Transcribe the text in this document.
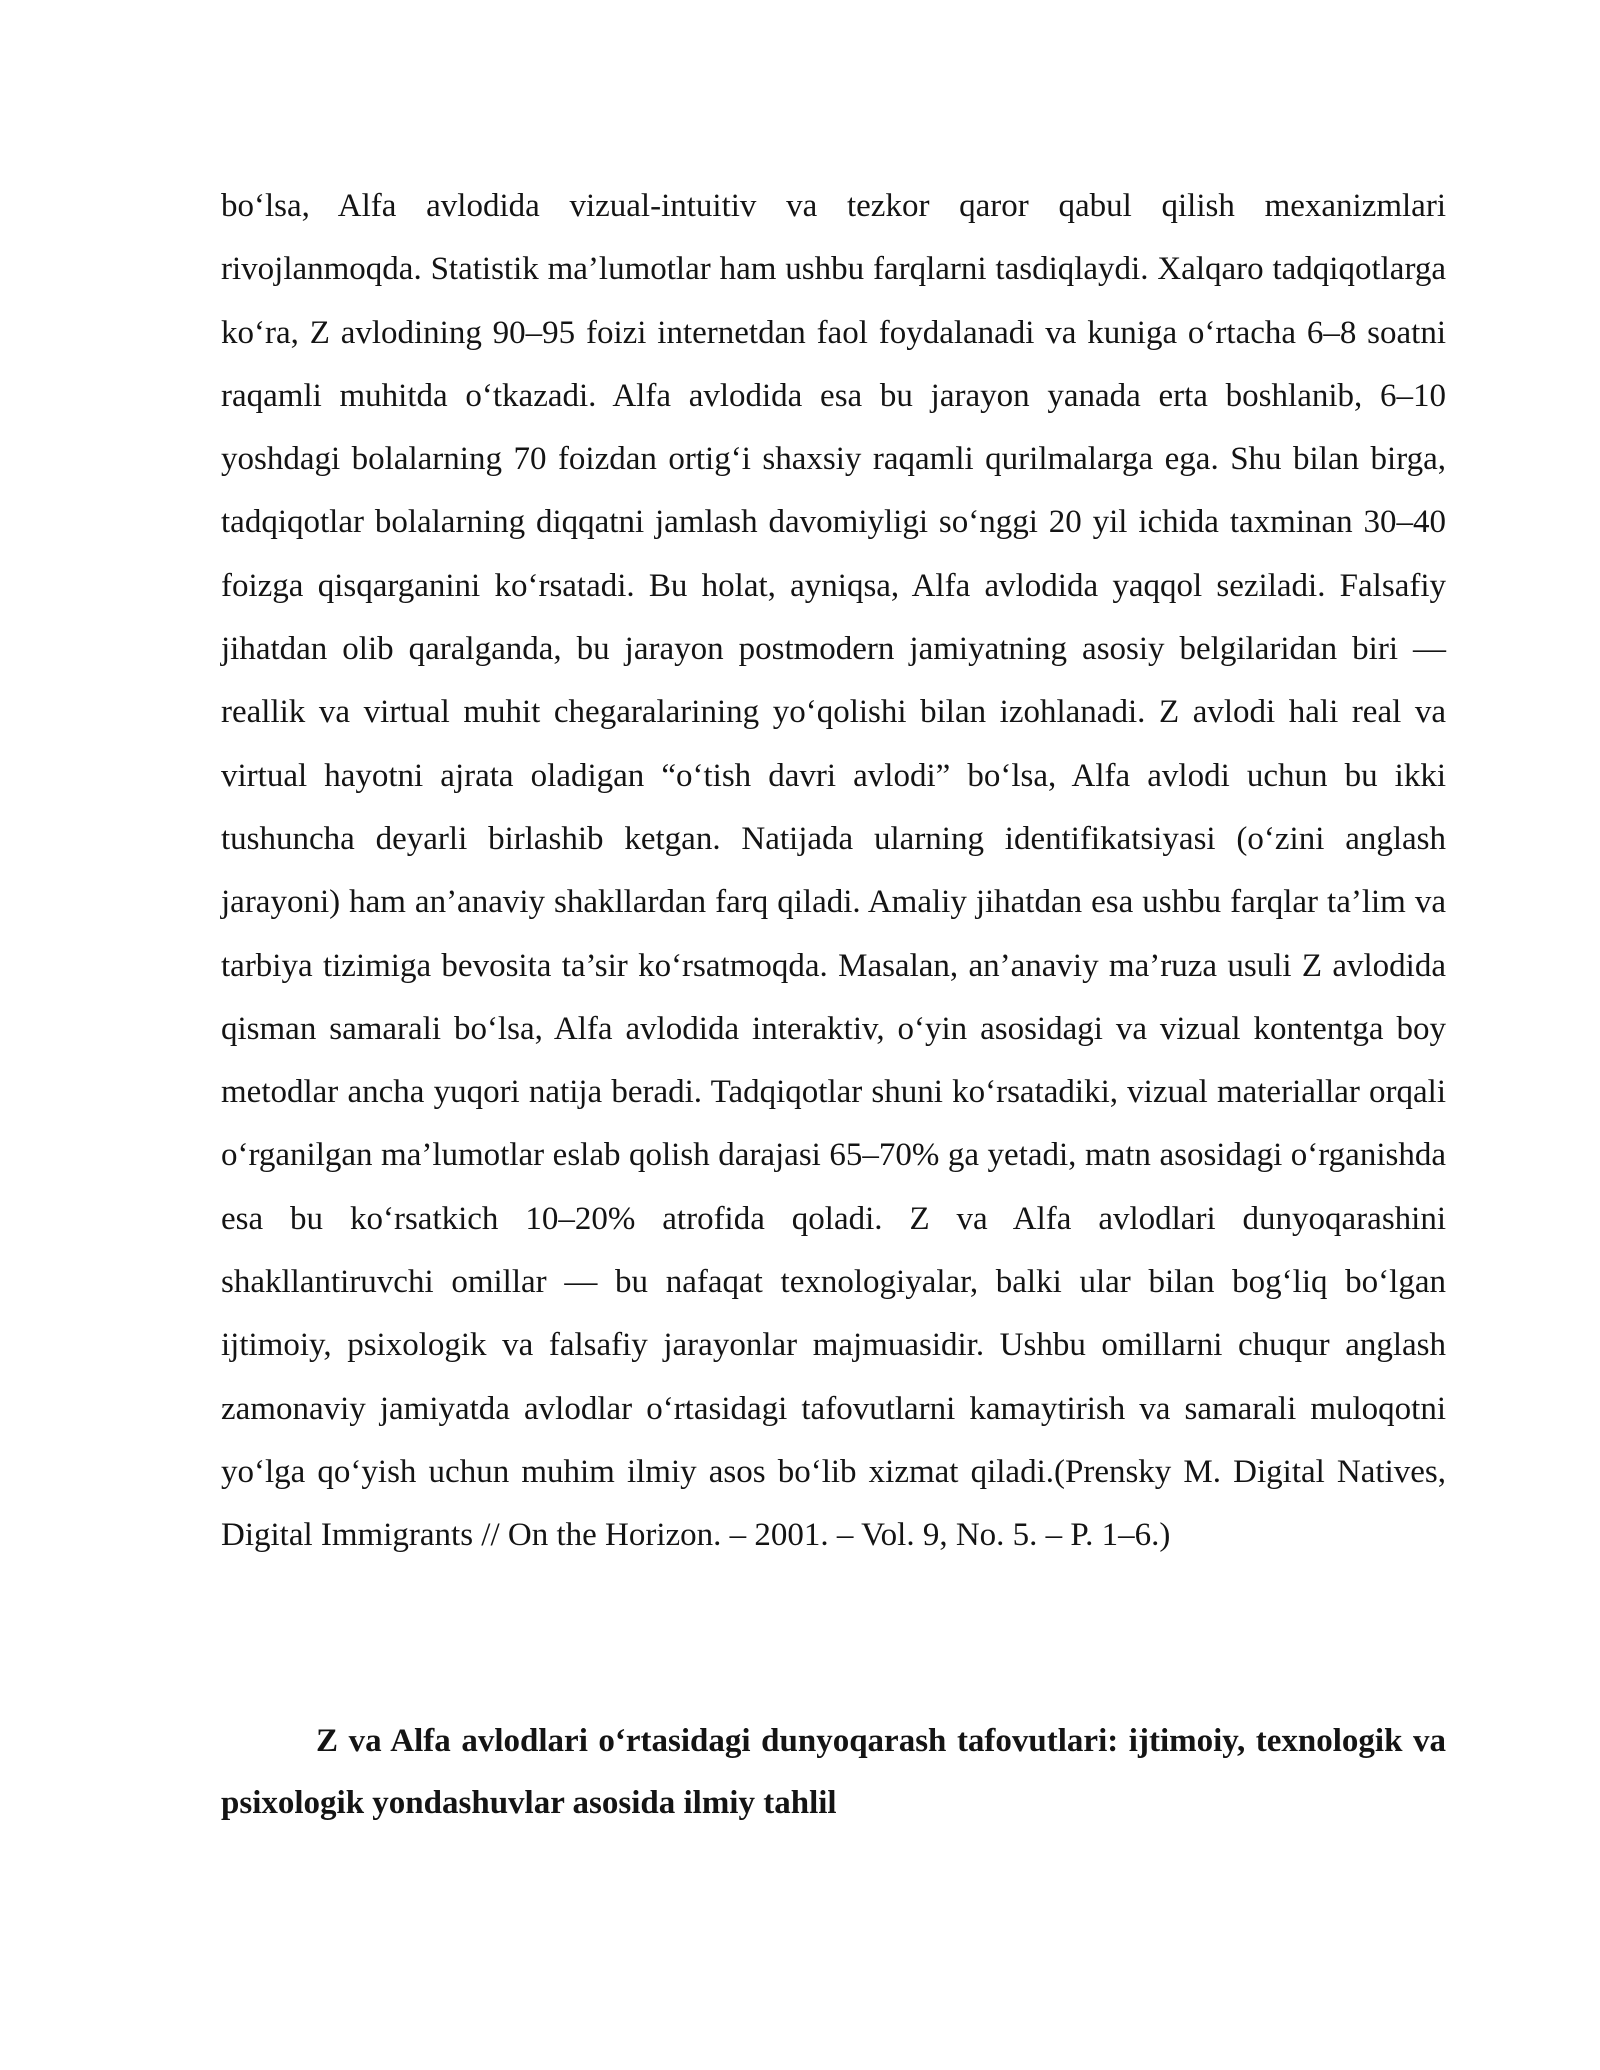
bo‘lsa, Alfa avlodida vizual-intuitiv va tezkor qaror qabul qilish mexanizmlari rivojlanmoqda. Statistik ma’lumotlar ham ushbu farqlarni tasdiqlaydi. Xalqaro tadqiqotlarga ko‘ra, Z avlodining 90–95 foizi internetdan faol foydalanadi va kuniga o‘rtacha 6–8 soatni raqamli muhitda o‘tkazadi. Alfa avlodida esa bu jarayon yanada erta boshlanib, 6–10 yoshdagi bolalarning 70 foizdan ortig‘i shaxsiy raqamli qurilmalarga ega. Shu bilan birga, tadqiqotlar bolalarning diqqatni jamlash davomiyligi so‘nggi 20 yil ichida taxminan 30–40 foizga qisqarganini ko‘rsatadi. Bu holat, ayniqsa, Alfa avlodida yaqqol seziladi. Falsafiy jihatdan olib qaralganda, bu jarayon postmodern jamiyatning asosiy belgilaridan biri — reallik va virtual muhit chegaralarining yo‘qolishi bilan izohlanadi. Z avlodi hali real va virtual hayotni ajrata oladigan “o‘tish davri avlodi” bo‘lsa, Alfa avlodi uchun bu ikki tushuncha deyarli birlashib ketgan. Natijada ularning identifikatsiyasi (o‘zini anglash jarayoni) ham an’anaviy shakllardan farq qiladi. Amaliy jihatdan esa ushbu farqlar ta’lim va tarbiya tizimiga bevosita ta’sir ko‘rsatmoqda. Masalan, an’anaviy ma’ruza usuli Z avlodida qisman samarali bo‘lsa, Alfa avlodida interaktiv, o‘yin asosidagi va vizual kontentga boy metodlar ancha yuqori natija beradi. Tadqiqotlar shuni ko‘rsatadiki, vizual materiallar orqali o‘rganilgan ma’lumotlar eslab qolish darajasi 65–70% ga yetadi, matn asosidagi o‘rganishda esa bu ko‘rsatkich 10–20% atrofida qoladi. Z va Alfa avlodlari dunyoqarashini shakllantiruvchi omillar — bu nafaqat texnologiyalar, balki ular bilan bog‘liq bo‘lgan ijtimoiy, psixologik va falsafiy jarayonlar majmuasidir. Ushbu omillarni chuqur anglash zamonaviy jamiyatda avlodlar o‘rtasidagi tafovutlarni kamaytirish va samarali muloqotni yo‘lga qo‘yish uchun muhim ilmiy asos bo‘lib xizmat qiladi.(Prensky M. Digital Natives, Digital Immigrants // On the Horizon. – 2001. – Vol. 9, No. 5. – P. 1–6.)

Z va Alfa avlodlari o‘rtasidagi dunyoqarash tafovutlari: ijtimoiy, texnologik va psixologik yondashuvlar asosida ilmiy tahlil
